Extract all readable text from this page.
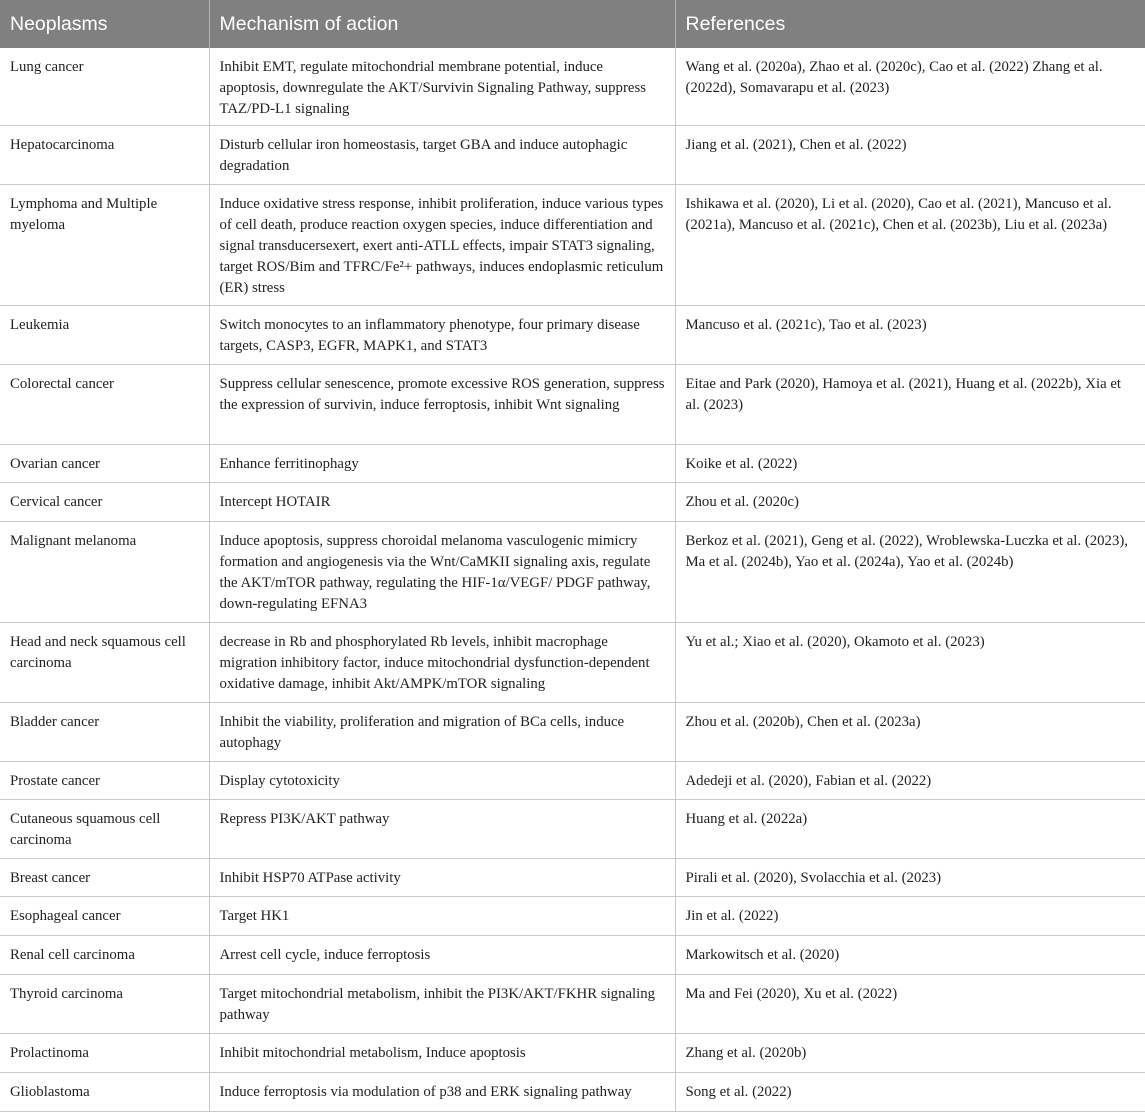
Neoplasms	Mechanism of action	References
Lung cancer	Inhibit EMT, regulate mitochondrial membrane potential, induce apoptosis, downregulate the AKT/Survivin Signaling Pathway, suppress TAZ/PD-L1 signaling	Wang et al. (2020a), Zhao et al. (2020c), Cao et al. (2022) Zhang et al. (2022d), Somavarapu et al. (2023)
Hepatocarcinoma	Disturb cellular iron homeostasis, target GBA and induce autophagic degradation	Jiang et al. (2021), Chen et al. (2022)
Lymphoma and Multiple myeloma	Induce oxidative stress response, inhibit proliferation, induce various types of cell death, produce reaction oxygen species, induce differentiation and signal transducersexert, exert anti-ATLL effects, impair STAT3 signaling, target ROS/Bim and TFRC/Fe²+ pathways, induces endoplasmic reticulum (ER) stress	Ishikawa et al. (2020), Li et al. (2020), Cao et al. (2021), Mancuso et al. (2021a), Mancuso et al. (2021c), Chen et al. (2023b), Liu et al. (2023a)
Leukemia	Switch monocytes to an inflammatory phenotype, four primary disease targets, CASP3, EGFR, MAPK1, and STAT3	Mancuso et al. (2021c), Tao et al. (2023)
Colorectal cancer	Suppress cellular senescence, promote excessive ROS generation, suppress the expression of survivin, induce ferroptosis, inhibit Wnt signaling	Eitae and Park (2020), Hamoya et al. (2021), Huang et al. (2022b), Xia et al. (2023)
Ovarian cancer	Enhance ferritinophagy	Koike et al. (2022)
Cervical cancer	Intercept HOTAIR	Zhou et al. (2020c)
Malignant melanoma	Induce apoptosis, suppress choroidal melanoma vasculogenic mimicry formation and angiogenesis via the Wnt/CaMKII signaling axis, regulate the AKT/mTOR pathway, regulating the HIF-1α/VEGF/ PDGF pathway, down-regulating EFNA3	Berkoz et al. (2021), Geng et al. (2022), Wroblewska-Luczka et al. (2023), Ma et al. (2024b), Yao et al. (2024a), Yao et al. (2024b)
Head and neck squamous cell carcinoma	decrease in Rb and phosphorylated Rb levels, inhibit macrophage migration inhibitory factor, induce mitochondrial dysfunction-dependent oxidative damage, inhibit Akt/AMPK/mTOR signaling	Yu et al.; Xiao et al. (2020), Okamoto et al. (2023)
Bladder cancer	Inhibit the viability, proliferation and migration of BCa cells, induce autophagy	Zhou et al. (2020b), Chen et al. (2023a)
Prostate cancer	Display cytotoxicity	Adedeji et al. (2020), Fabian et al. (2022)
Cutaneous squamous cell carcinoma	Repress PI3K/AKT pathway	Huang et al. (2022a)
Breast cancer	Inhibit HSP70 ATPase activity	Pirali et al. (2020), Svolacchia et al. (2023)
Esophageal cancer	Target HK1	Jin et al. (2022)
Renal cell carcinoma	Arrest cell cycle, induce ferroptosis	Markowitsch et al. (2020)
Thyroid carcinoma	Target mitochondrial metabolism, inhibit the PI3K/AKT/FKHR signaling pathway	Ma and Fei (2020), Xu et al. (2022)
Prolactinoma	Inhibit mitochondrial metabolism, Induce apoptosis	Zhang et al. (2020b)
Glioblastoma	Induce ferroptosis via modulation of p38 and ERK signaling pathway	Song et al. (2022)
